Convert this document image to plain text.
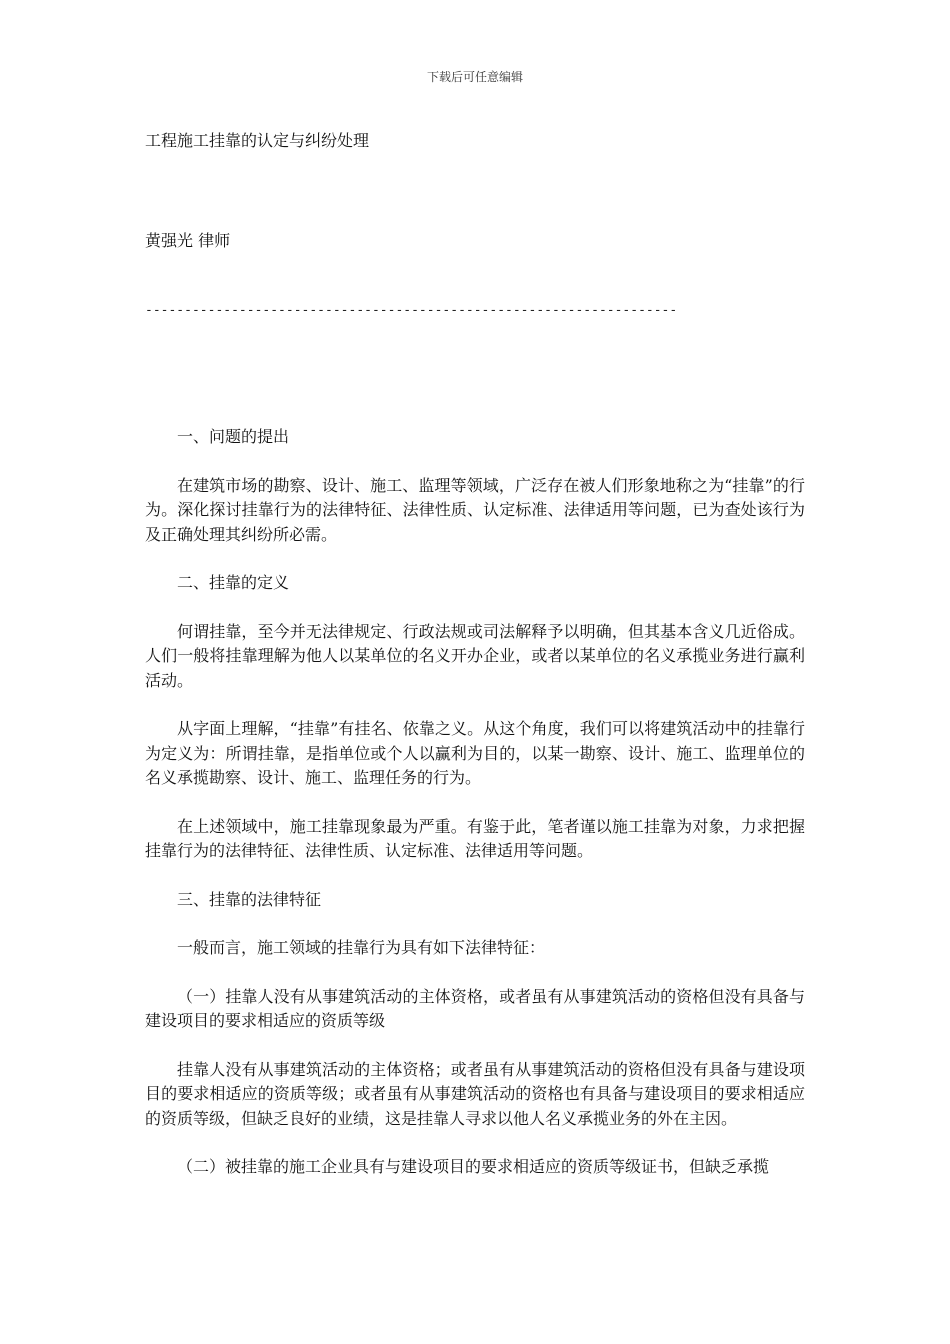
下载后可任意编辑
工程施工挂靠的认定与纠纷处理
黄强光 律师
--------------------------------------------------------------------

一、问题的提出

在建筑市场的勘察、设计、施工、监理等领域，广泛存在被人们形象地称之为“挂靠”的行为。深化探讨挂靠行为的法律特征、法律性质、认定标准、法律适用等问题，已为查处该行为及正确处理其纠纷所必需。

二、挂靠的定义

何谓挂靠，至今并无法律规定、行政法规或司法解释予以明确，但其基本含义几近俗成。人们一般将挂靠理解为他人以某单位的名义开办企业，或者以某单位的名义承揽业务进行赢利活动。

从字面上理解，“挂靠”有挂名、依靠之义。从这个角度，我们可以将建筑活动中的挂靠行为定义为：所谓挂靠，是指单位或个人以赢利为目的，以某一勘察、设计、施工、监理单位的名义承揽勘察、设计、施工、监理任务的行为。

在上述领域中，施工挂靠现象最为严重。有鉴于此，笔者谨以施工挂靠为对象，力求把握挂靠行为的法律特征、法律性质、认定标准、法律适用等问题。

三、挂靠的法律特征

一般而言，施工领域的挂靠行为具有如下法律特征：

（一）挂靠人没有从事建筑活动的主体资格，或者虽有从事建筑活动的资格但没有具备与建设项目的要求相适应的资质等级

挂靠人没有从事建筑活动的主体资格；或者虽有从事建筑活动的资格但没有具备与建设项目的要求相适应的资质等级；或者虽有从事建筑活动的资格也有具备与建设项目的要求相适应的资质等级，但缺乏良好的业绩，这是挂靠人寻求以他人名义承揽业务的外在主因。

（二）被挂靠的施工企业具有与建设项目的要求相适应的资质等级证书，但缺乏承揽
